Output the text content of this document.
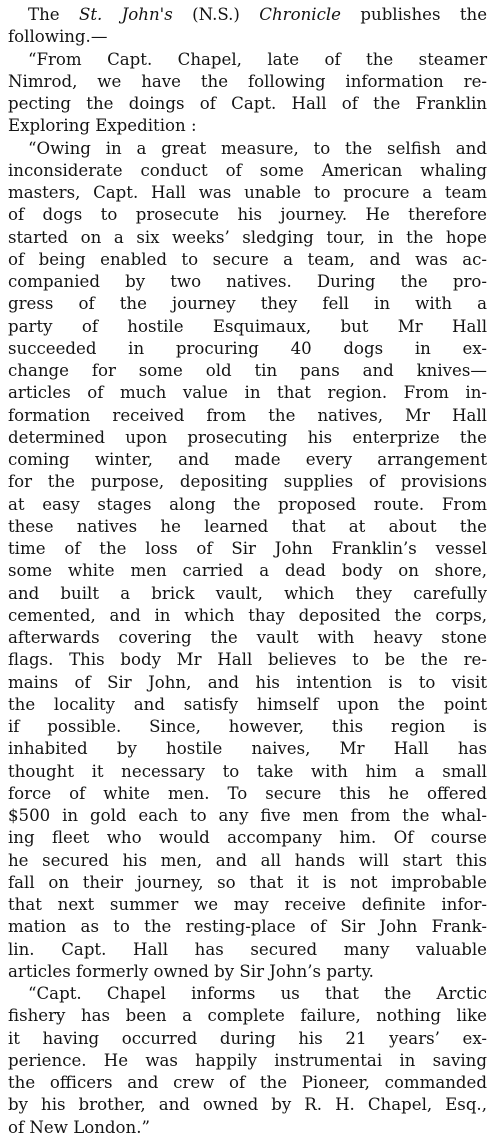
The St. John's (N.S.) Chronicle publishes the
following.—
“From Capt. Chapel, late of the steamer
Nimrod, we have the following information re-
pecting the doings of Capt. Hall of the Franklin
Exploring Expedition :
“Owing in a great measure, to the selfish and
inconsiderate conduct of some American whaling
masters, Capt. Hall was unable to procure a team
of dogs to prosecute his journey. He therefore
started on a six weeks’ sledging tour, in the hope
of being enabled to secure a team, and was ac-
companied by two natives. During the pro-
gress of the journey they fell in with a
party of hostile Esquimaux, but Mr Hall
succeeded in procuring 40 dogs in ex-
change for some old tin pans and knives—
articles of much value in that region. From in-
formation received from the natives, Mr Hall
determined upon prosecuting his enterprize the
coming winter, and made every arrangement
for the purpose, depositing supplies of provisions
at easy stages along the proposed route. From
these natives he learned that at about the
time of the loss of Sir John Franklin’s vessel
some white men carried a dead body on shore,
and built a brick vault, which they carefully
cemented, and in which thay deposited the corps,
afterwards covering the vault with heavy stone
flags. This body Mr Hall believes to be the re-
mains of Sir John, and his intention is to visit
the locality and satisfy himself upon the point
if possible. Since, however, this region is
inhabited by hostile naives, Mr Hall has
thought it necessary to take with him a small
force of white men. To secure this he offered
$500 in gold each to any five men from the whal-
ing fleet who would accompany him. Of course
he secured his men, and all hands will start this
fall on their journey, so that it is not improbable
that next summer we may receive definite infor-
mation as to the resting-place of Sir John Frank-
lin. Capt. Hall has secured many valuable
articles formerly owned by Sir John’s party.
“Capt. Chapel informs us that the Arctic
fishery has been a complete failure, nothing like
it having occurred during his 21 years’ ex-
perience. He was happily instrumentai in saving
the officers and crew of the Pioneer, commanded
by his brother, and owned by R. H. Chapel, Esq.,
of New London.”
